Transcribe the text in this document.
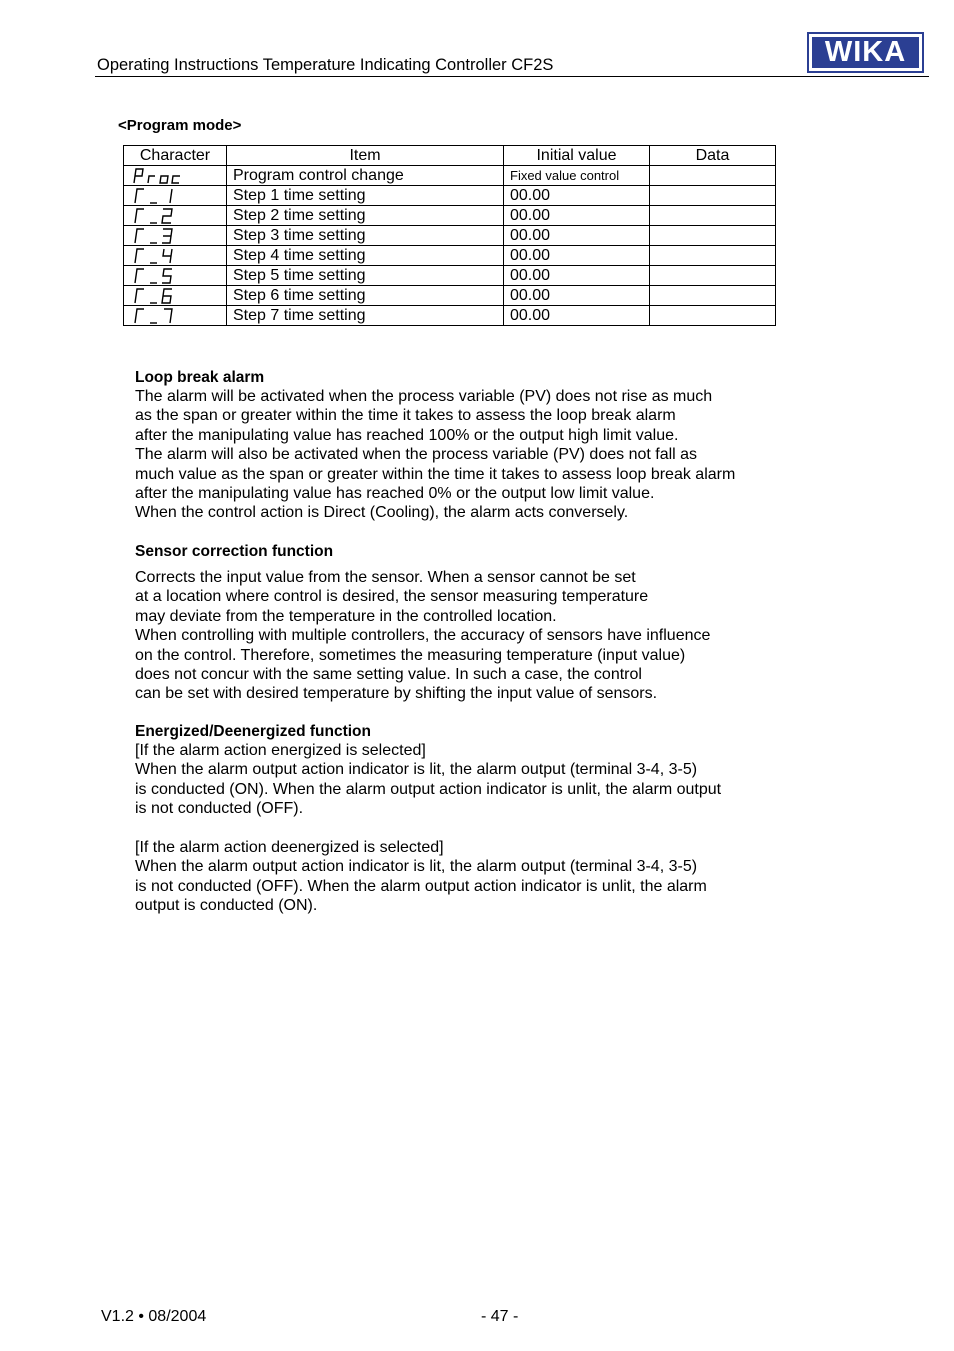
Operating Instructions Temperature Indicating Controller CF2S	WIKA
<Program mode>
Character	Item	Initial value	Data

	Program control change	Fixed value control	

	Step 1 time setting	00.00	

	Step 2 time setting	00.00	

	Step 3 time setting	00.00	

	Step 4 time setting	00.00	

	Step 5 time setting	00.00	

	Step 6 time setting	00.00	

	Step 7 time setting	00.00	
Loop break alarm

The alarm will be activated when the process variable (PV) does not rise as much

as the span or greater within the time it takes to assess the loop break alarm

after the manipulating value has reached 100% or the output high limit value.

The alarm will also be activated when the process variable (PV) does not fall as

much value as the span or greater within the time it takes to assess loop break alarm

after the manipulating value has reached 0% or the output low limit value.

When the control action is Direct (Cooling), the alarm acts conversely.

Sensor correction function

Corrects the input value from the sensor. When a sensor cannot be set

at a location where control is desired, the sensor measuring temperature

may deviate from the temperature in the controlled location.

When controlling with multiple controllers, the accuracy of sensors have influence

on the control. Therefore, sometimes the measuring temperature (input value)

does not concur with the same setting value. In such a case, the control

can be set with desired temperature by shifting the input value of sensors.

Energized/Deenergized function

[If the alarm action energized is selected]

When the alarm output action indicator is lit, the alarm output (terminal 3-4, 3-5)

is conducted (ON). When the alarm output action indicator is unlit, the alarm output

is not conducted (OFF).

[If the alarm action deenergized is selected]

When the alarm output action indicator is lit, the alarm output (terminal 3-4, 3-5)

is not conducted (OFF). When the alarm output action indicator is unlit, the alarm

output is conducted (ON).

V1.2 • 08/2004	- 47 -
